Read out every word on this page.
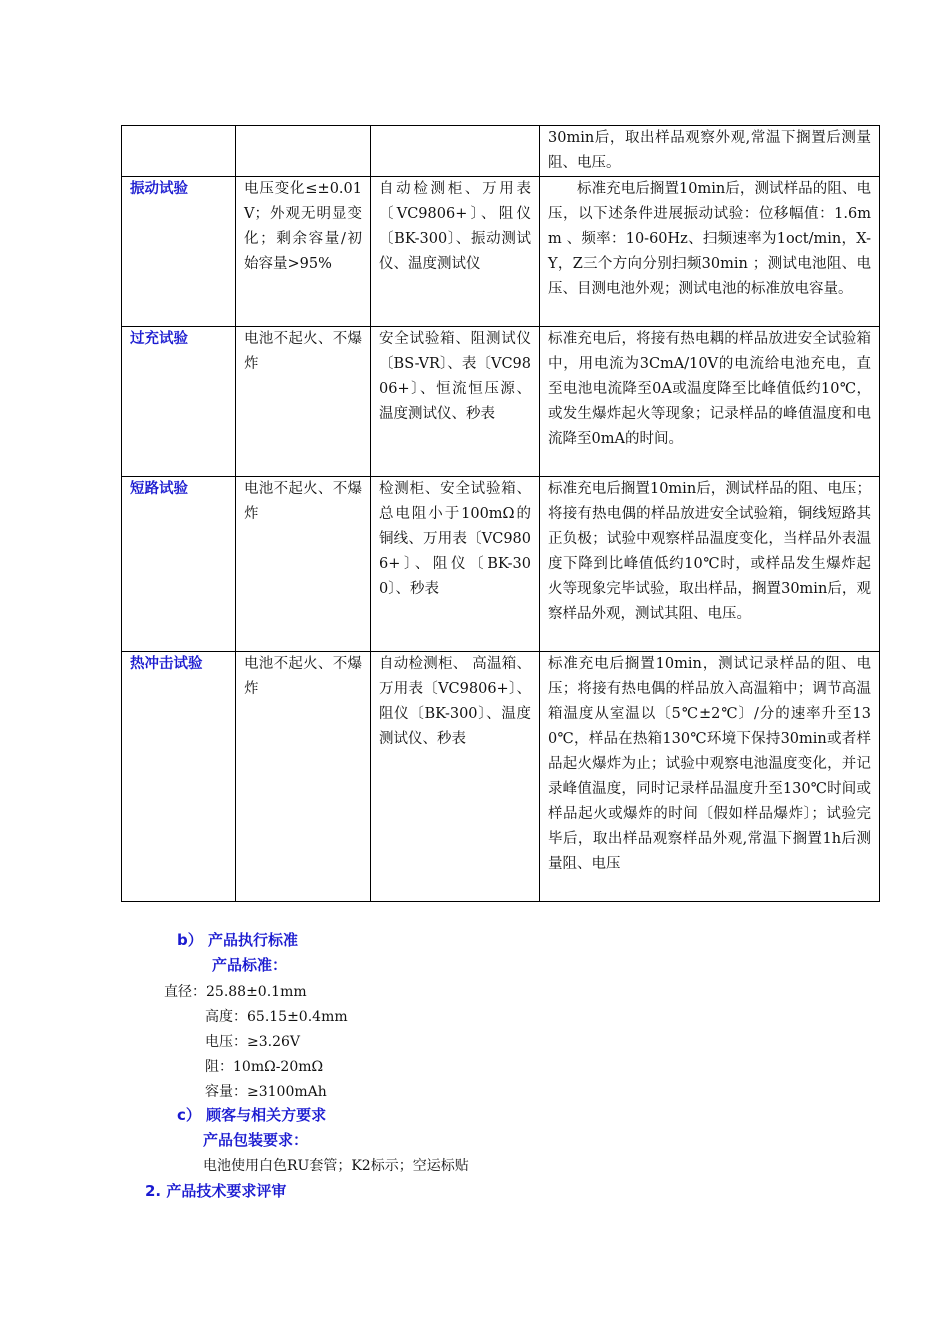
			30min后，取出样品观察外观,常温下搁置后测量阻、电压。
振动试验	电压变化≤±0.01V；外观无明显变化；剩余容量/初始容量>95%	自动检测柜、万用表〔VC9806+〕、阻仪〔BK-300〕、振动测试仪、温度测试仪	标准充电后搁置10min后，测试样品的阻、电压，以下述条件进展振动试验：位移幅值：1.6mm 、频率：10-60Hz、扫频速率为1oct/min，X-Y，Z三个方向分别扫频30min ；测试电池阻、电压、目测电池外观；测试电池的标准放电容量。
过充试验	电池不起火、不爆炸	安全试验箱、阻测试仪〔BS-VR〕、表〔VC9806+〕、恒流恒压源、温度测试仪、秒表	标准充电后，将接有热电耦的样品放进安全试验箱中，用电流为3CmA/10V的电流给电池充电，直至电池电流降至0A或温度降至比峰值低约10℃，或发生爆炸起火等现象；记录样品的峰值温度和电流降至0mA的时间。
短路试验	电池不起火、不爆炸	检测柜、安全试验箱、总电阻小于100mΩ的铜线、万用表〔VC9806+〕、阻仪〔BK-300〕、秒表	标准充电后搁置10min后，测试样品的阻、电压；将接有热电偶的样品放进安全试验箱，铜线短路其正负极；试验中观察样品温度变化，当样品外表温度下降到比峰值低约10℃时，或样品发生爆炸起火等现象完毕试验，取出样品，搁置30min后，观察样品外观，测试其阻、电压。
热冲击试验	电池不起火、不爆炸	自动检测柜、 高温箱、万用表〔VC9806+〕、阻仪〔BK-300〕、温度测试仪、秒表	标准充电后搁置10min，测试记录样品的阻、电压；将接有热电偶的样品放入高温箱中；调节高温箱温度从室温以〔5℃±2℃〕/分的速率升至130℃，样品在热箱130℃环境下保持30min或者样品起火爆炸为止；试验中观察电池温度变化，并记录峰值温度，同时记录样品温度升至130℃时间或样品起火或爆炸的时间〔假如样品爆炸〕；试验完毕后，取出样品观察样品外观,常温下搁置1h后测量阻、电压
b） 产品执行标准
产品标准：
直径：25.88±0.1mm
高度：65.15±0.4mm
电压：≥3.26V
阻：10mΩ-20mΩ
容量：≥3100mAh
c） 顾客与相关方要求
产品包装要求：
电池使用白色RU套管；K2标示；空运标贴
2. 产品技术要求评审
